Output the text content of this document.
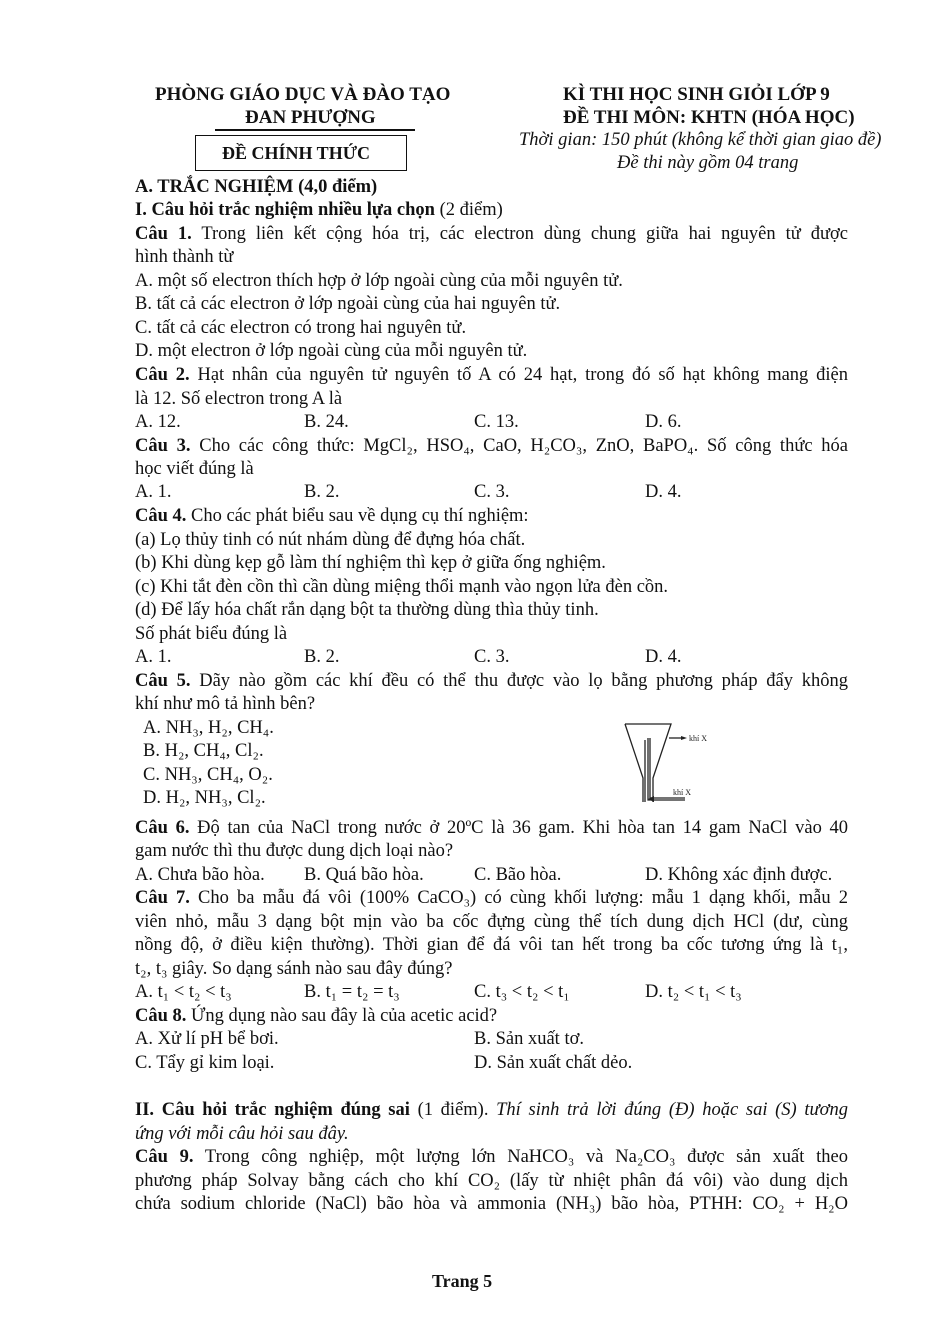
PHÒNG GIÁO DỤC VÀ ĐÀO TẠO
ĐAN PHƯỢNG
ĐỀ CHÍNH THỨC
KÌ THI HỌC SINH GIỎI LỚP 9
ĐỀ THI MÔN: KHTN (HÓA HỌC)
Thời gian: 150 phút (không kể thời gian giao đề)
Đề thi này gồm 04 trang
A. TRẮC NGHIỆM (4,0 điểm)
I. Câu hỏi trắc nghiệm nhiều lựa chọn (2 điểm)
Câu 1. Trong liên kết cộng hóa trị, các electron dùng chung giữa hai nguyên tử được
hình thành từ
A. một số electron thích hợp ở lớp ngoài cùng của mỗi nguyên tử.
B. tất cả các electron ở lớp ngoài cùng của hai nguyên tử.
C. tất cả các electron có trong hai nguyên tử.
D. một electron ở lớp ngoài cùng của mỗi nguyên tử.
Câu 2. Hạt nhân của nguyên tử nguyên tố A có 24 hạt, trong đó số hạt không mang điện
là 12. Số electron trong A là
A. 12.	B. 24.	C. 13.	D. 6.
Câu 3. Cho các công thức: MgCl₂, HSO₄, CaO, H₂CO₃, ZnO, BaPO₄. Số công thức hóa
học viết đúng là
A. 1.	B. 2.	C. 3.	D. 4.
Câu 4. Cho các phát biểu sau về dụng cụ thí nghiệm:
(a) Lọ thủy tinh có nút nhám dùng để đựng hóa chất.
(b) Khi dùng kẹp gỗ làm thí nghiệm thì kẹp ở giữa ống nghiệm.
(c) Khi tắt đèn cồn thì cần dùng miệng thổi mạnh vào ngọn lửa đèn cồn.
(d) Để lấy hóa chất rắn dạng bột ta thường dùng thìa thủy tinh.
Số phát biểu đúng là
A. 1.	B. 2.	C. 3.	D. 4.
Câu 5. Dãy nào gồm các khí đều có thể thu được vào lọ bằng phương pháp đẩy không
khí như mô tả hình bên?
A. NH₃, H₂, CH₄.
B. H₂, CH₄, Cl₂.
C. NH₃, CH₄, O₂.
D. H₂, NH₃, Cl₂.
khí X
khí X
Câu 6. Độ tan của NaCl trong nước ở 20ºC là 36 gam. Khi hòa tan 14 gam NaCl vào 40
gam nước thì thu được dung dịch loại nào?
A. Chưa bão hòa. B. Quá bão hòa.	C. Bão hòa.	D. Không xác định được.
Câu 7. Cho ba mẫu đá vôi (100% CaCO₃) có cùng khối lượng: mẫu 1 dạng khối, mẫu 2
viên nhỏ, mẫu 3 dạng bột mịn vào ba cốc đựng cùng thể tích dung dịch HCl (dư, cùng
nồng độ, ở điều kiện thường). Thời gian để đá vôi tan hết trong ba cốc tương ứng là t₁,
t₂, t₃ giây. So dạng sánh nào sau đây đúng?
A. t₁ < t₂ < t₃	B. t₁ = t₂ = t₃	C. t₃ < t₂ < t₁	D. t₂ < t₁ < t₃
Câu 8. Ứng dụng nào sau đây là của acetic acid?
A. Xử lí pH bể bơi.	B. Sản xuất tơ.
C. Tẩy gỉ kim loại.	D. Sản xuất chất dẻo.
II. Câu hỏi trắc nghiệm đúng sai (1 điểm). Thí sinh trả lời đúng (Đ) hoặc sai (S) tương
ứng với mỗi câu hỏi sau đây.
Câu 9. Trong công nghiệp, một lượng lớn NaHCO₃ và Na₂CO₃ được sản xuất theo
phương pháp Solvay bằng cách cho khí CO₂ (lấy từ nhiệt phân đá vôi) vào dung dịch
chứa sodium chloride (NaCl) bão hòa và ammonia (NH₃) bão hòa, PTHH: CO₂ + H₂O
Trang 5
